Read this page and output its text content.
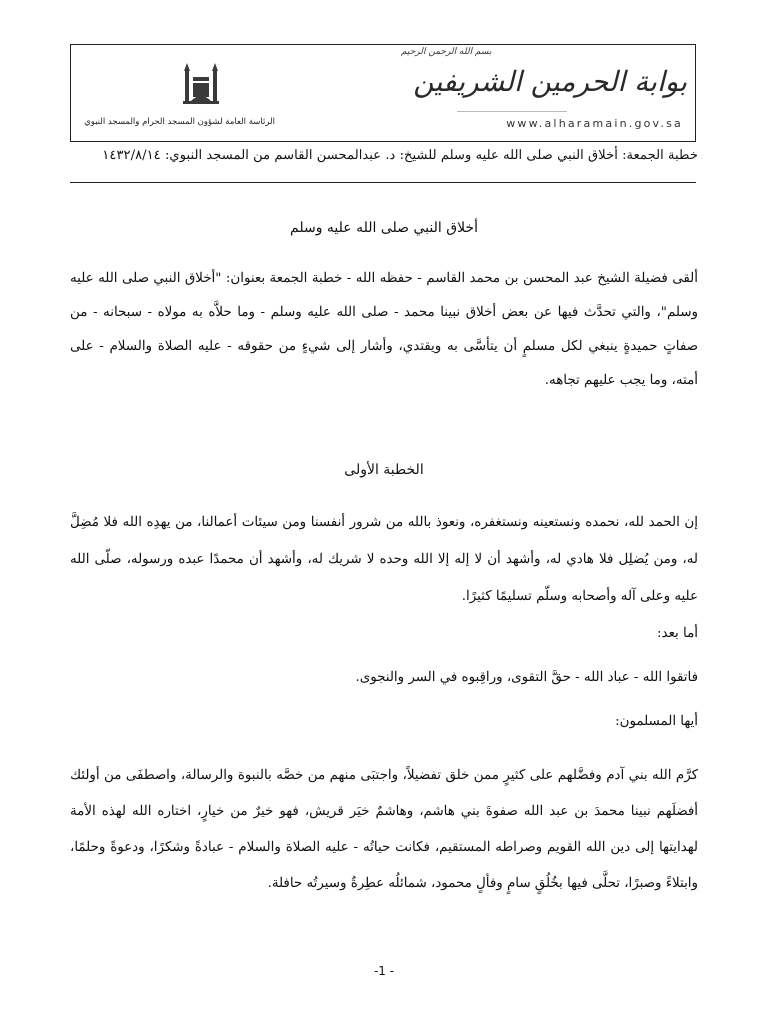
بسم الله الرحمن الرحيم
الرئاسة العامة لشؤون المسجد الحرام والمسجد النبوي
بوابة الحرمين الشريفين
www.alharamain.gov.sa
خطبة الجمعة: أخلاق النبي صلى الله عليه وسلم للشيخ: د. عبدالمحسن القاسم من المسجد النبوي: ١٤٣٢/٨/١٤
أخلاق النبي صلى الله عليه وسلم
ألقى فضيلة الشيخ عبد المحسن بن محمد القاسم - حفظه الله - خطبة الجمعة بعنوان: "أخلاق النبي صلى الله عليه وسلم"، والتي تحدَّث فيها عن بعض أخلاق نبينا محمد - صلى الله عليه وسلم - وما حلاَّه به مولاه - سبحانه - من صفاتٍ حميدةٍ ينبغي لكل مسلمٍ أن يتأسَّى به ويقتدي، وأشار إلى شيءٍ من حقوقه - عليه الصلاة والسلام - على أمته، وما يجب عليهم تجاهه.
الخطبة الأولى
إن الحمد لله، نحمده ونستعينه ونستغفره، ونعوذ بالله من شرور أنفسنا ومن سيئات أعمالنا، من يهدِه الله فلا مُضِلَّ له، ومن يُضلِل فلا هادي له، وأشهد أن لا إله إلا الله وحده لا شريك له، وأشهد أن محمدًا عبده ورسوله، صلّى الله عليه وعلى آله وأصحابه وسلّم تسليمًا كثيرًا.
أما بعد:
فاتقوا الله - عباد الله - حقَّ التقوى، وراقِبوه في السر والنجوى.
أيها المسلمون:
كرَّم الله بني آدم وفضَّلهم على كثيرٍ ممن خلق تفضيلاً، واجتبَى منهم من خصَّه بالنبوة والرسالة، واصطفَى من أولئك أفضلَهم نبينا محمدَ بن عبد الله صفوةَ بني هاشم، وهاشمٌ خيَر قريش، فهو خيرٌ من خيارٍ، اختاره الله لهذه الأمة لهدايتها إلى دين الله القويم وصراطه المستقيم، فكانت حياتُه - عليه الصلاة والسلام - عبادةً وشكرًا، ودعوةً وحلمًا، وابتلاءً وصبرًا، تحلَّى فيها بخُلُقٍ سامٍ وفألٍ محمود، شمائلُه عطِرةٌ وسيرتُه حافلة.
-1 -
